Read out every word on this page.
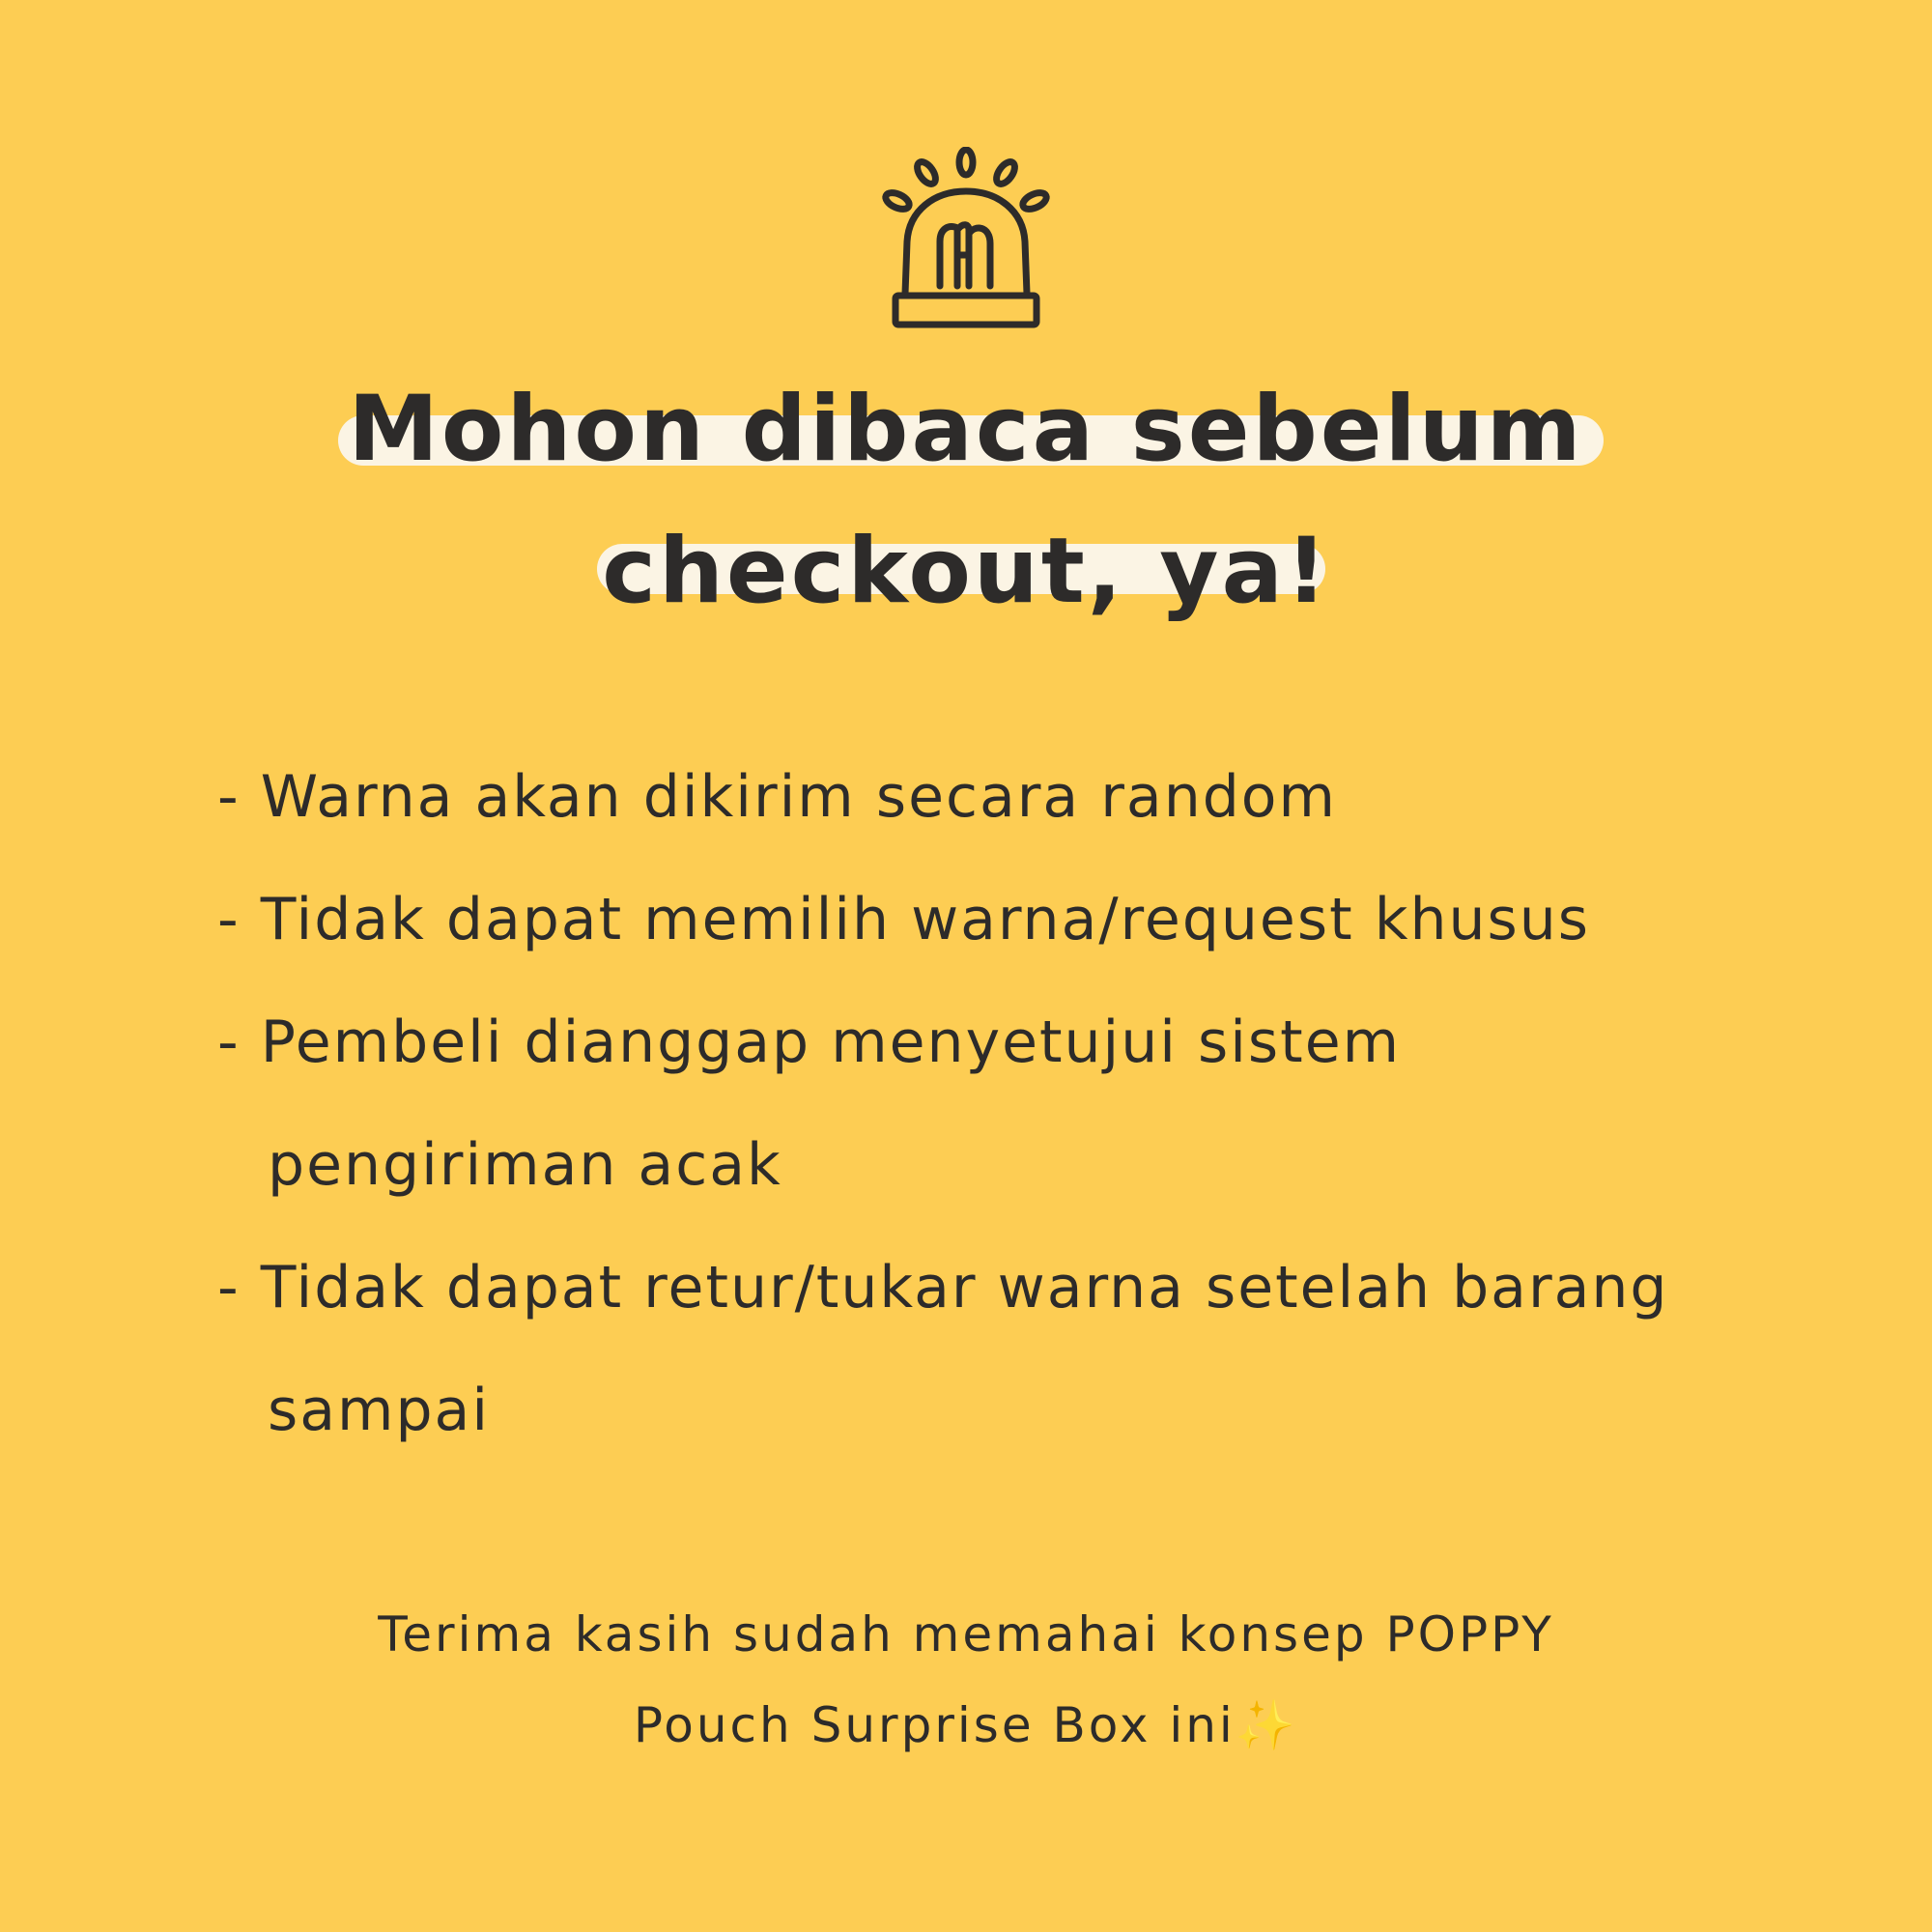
Mohon dibaca sebelum
checkout, ya!
- Warna akan dikirim secara random
- Tidak dapat memilih warna/request khusus
- Pembeli dianggap menyetujui sistem pengiriman acak
- Tidak dapat retur/tukar warna setelah barang sampai
Terima kasih sudah memahai konsep POPPY
Pouch Surprise Box ini✨
